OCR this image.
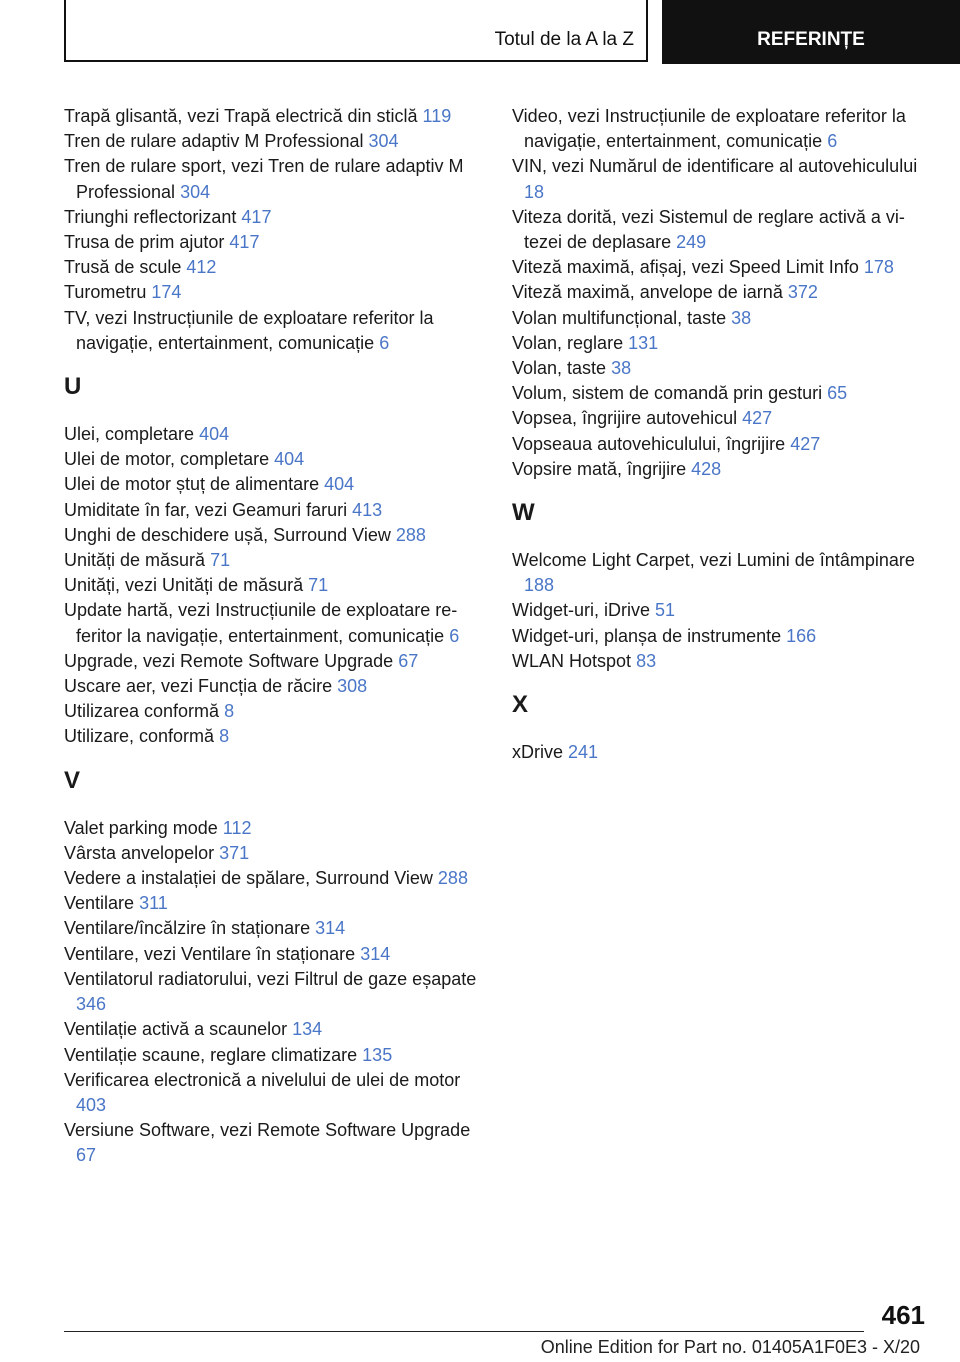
Totul de la A la Z	REFERINȚE
Trapă glisantă, vezi Trapă electrică din sticlă 119
Tren de rulare adaptiv M Professional 304
Tren de rulare sport, vezi Tren de rulare adaptiv M Professional 304
Triunghi reflectorizant 417
Trusa de prim ajutor 417
Trusă de scule 412
Turometru 174
TV, vezi Instrucțiunile de exploatare referitor la navigație, entertainment, comunicație 6
U
Ulei, completare 404
Ulei de motor, completare 404
Ulei de motor ștuț de alimentare 404
Umiditate în far, vezi Geamuri faruri 413
Unghi de deschidere ușă, Surround View 288
Unități de măsură 71
Unități, vezi Unități de măsură 71
Update hartă, vezi Instrucțiunile de exploatare referitor la navigație, entertainment, comunicație 6
Upgrade, vezi Remote Software Upgrade 67
Uscare aer, vezi Funcția de răcire 308
Utilizarea conformă 8
Utilizare, conformă 8
V
Valet parking mode 112
Vârsta anvelopelor 371
Vedere a instalației de spălare, Surround View 288
Ventilare 311
Ventilare/încălzire în staționare 314
Ventilare, vezi Ventilare în staționare 314
Ventilatorul radiatorului, vezi Filtrul de gaze eșapate 346
Ventilație activă a scaunelor 134
Ventilație scaune, reglare climatizare 135
Verificarea electronică a nivelului de ulei de motor 403
Versiune Software, vezi Remote Software Upgrade 67
Video, vezi Instrucțiunile de exploatare referitor la navigație, entertainment, comunicație 6
VIN, vezi Numărul de identificare al autovehiculului 18
Viteza dorită, vezi Sistemul de reglare activă a vitezei de deplasare 249
Viteză maximă, afișaj, vezi Speed Limit Info 178
Viteză maximă, anvelope de iarnă 372
Volan multifuncțional, taste 38
Volan, reglare 131
Volan, taste 38
Volum, sistem de comandă prin gesturi 65
Vopsea, îngrijire autovehicul 427
Vopseaua autovehiculului, îngrijire 427
Vopsire mată, îngrijire 428
W
Welcome Light Carpet, vezi Lumini de întâmpinare 188
Widget-uri, iDrive 51
Widget-uri, planșa de instrumente 166
WLAN Hotspot 83
X
xDrive 241
461
Online Edition for Part no. 01405A1F0E3 - X/20
